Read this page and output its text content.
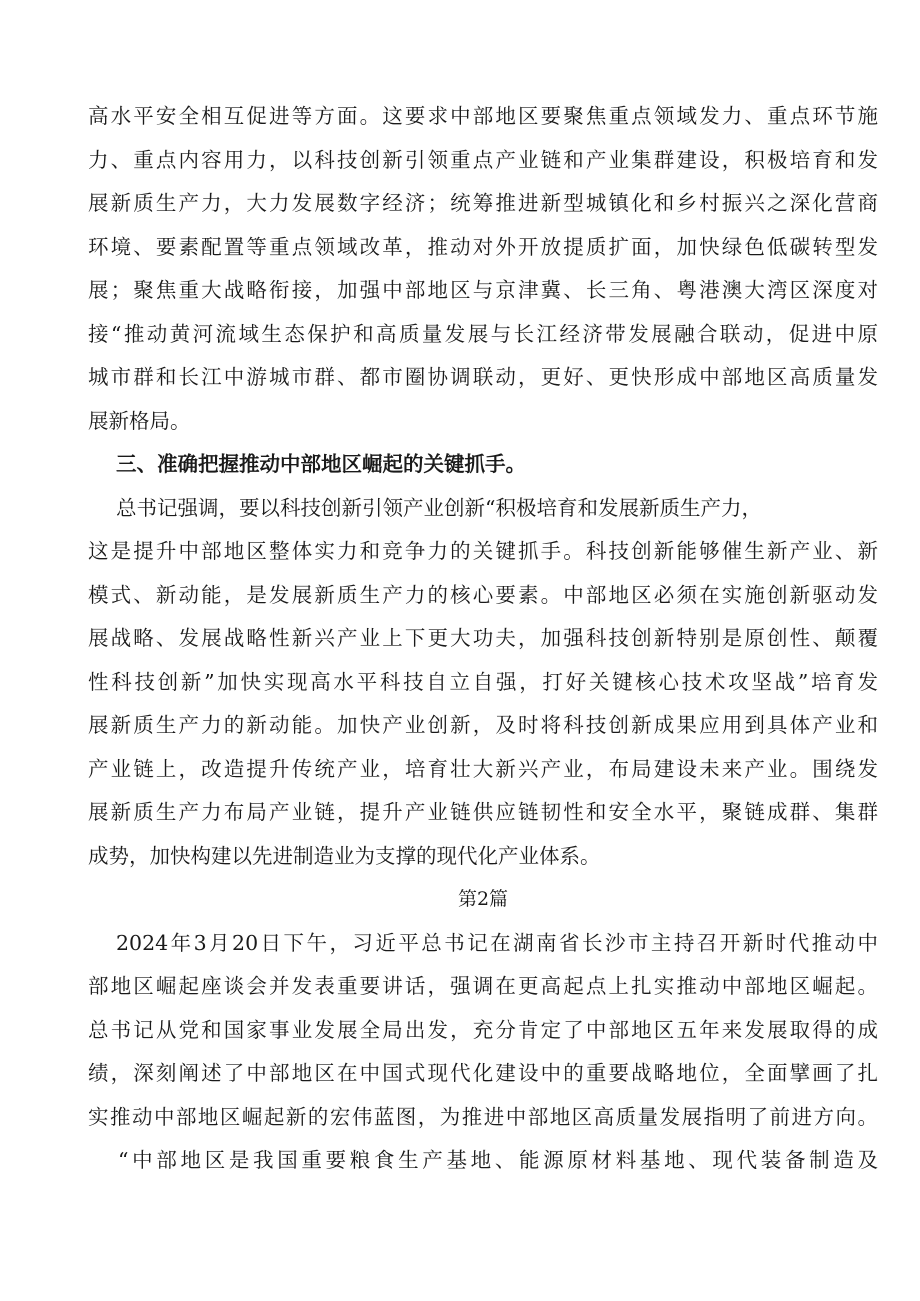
高水平安全相互促进等方面。这要求中部地区要聚焦重点领域发力、重点环节施
力、重点内容用力，以科技创新引领重点产业链和产业集群建设，积极培育和发
展新质生产力，大力发展数字经济；统筹推进新型城镇化和乡村振兴之深化营商
环境、要素配置等重点领域改革，推动对外开放提质扩面，加快绿色低碳转型发
展；聚焦重大战略衔接，加强中部地区与京津冀、长三角、粤港澳大湾区深度对
接“推动黄河流域生态保护和高质量发展与长江经济带发展融合联动，促进中原
城市群和长江中游城市群、都市圈协调联动，更好、更快形成中部地区高质量发
展新格局。
三、准确把握推动中部地区崛起的关键抓手。
总书记强调，要以科技创新引领产业创新“积极培育和发展新质生产力，
这是提升中部地区整体实力和竞争力的关键抓手。科技创新能够催生新产业、新
模式、新动能，是发展新质生产力的核心要素。中部地区必须在实施创新驱动发
展战略、发展战略性新兴产业上下更大功夫，加强科技创新特别是原创性、颠覆
性科技创新”加快实现高水平科技自立自强，打好关键核心技术攻坚战”培育发
展新质生产力的新动能。加快产业创新，及时将科技创新成果应用到具体产业和
产业链上，改造提升传统产业，培育壮大新兴产业，布局建设未来产业。围绕发
展新质生产力布局产业链，提升产业链供应链韧性和安全水平，聚链成群、集群
成势，加快构建以先进制造业为支撑的现代化产业体系。
第2篇
2024年3月20日下午，习近平总书记在湖南省长沙市主持召开新时代推动中
部地区崛起座谈会并发表重要讲话，强调在更高起点上扎实推动中部地区崛起。
总书记从党和国家事业发展全局出发，充分肯定了中部地区五年来发展取得的成
绩，深刻阐述了中部地区在中国式现代化建设中的重要战略地位，全面擘画了扎
实推动中部地区崛起新的宏伟蓝图，为推进中部地区高质量发展指明了前进方向。
“中部地区是我国重要粮食生产基地、能源原材料基地、现代装备制造及
